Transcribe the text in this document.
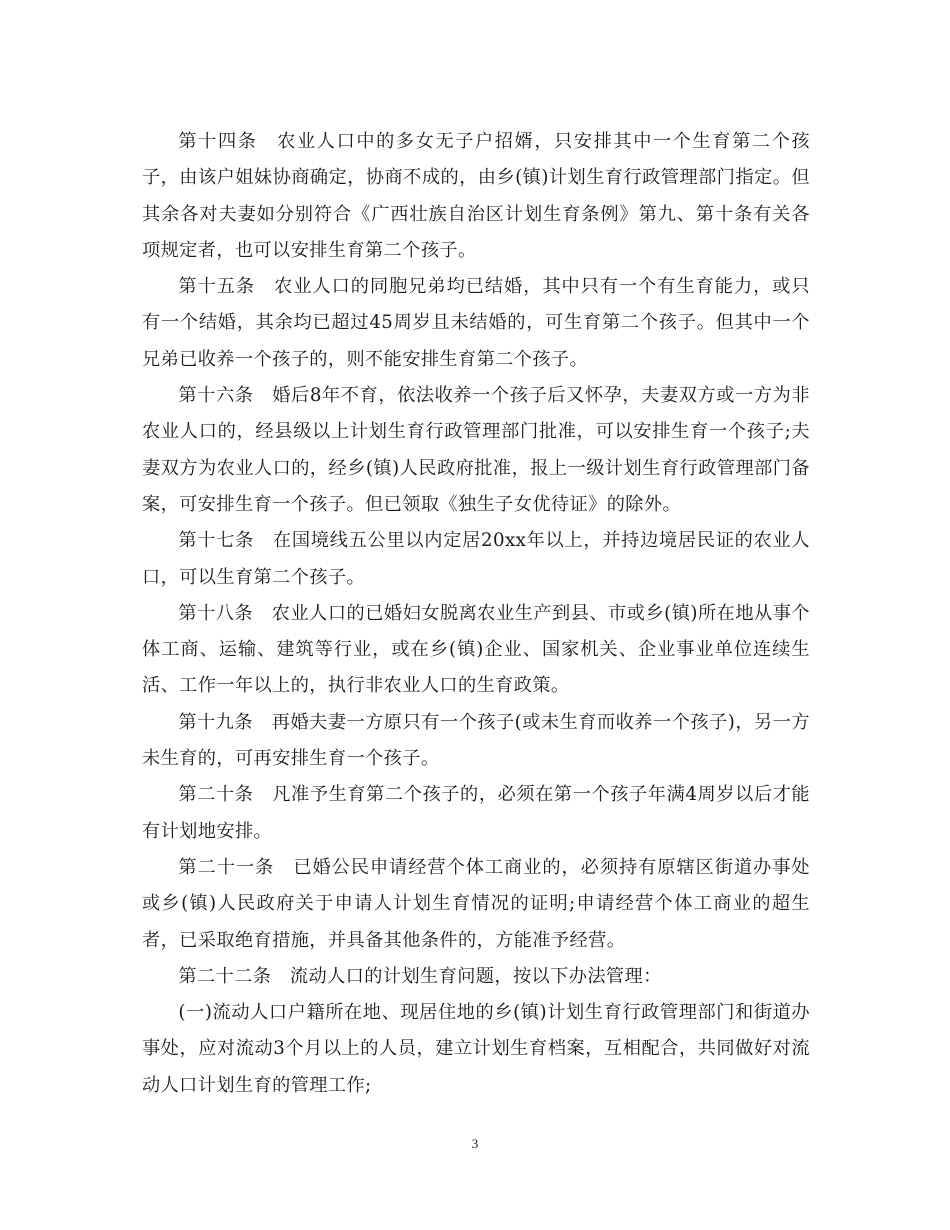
第十四条　农业人口中的多女无子户招婿，只安排其中一个生育第二个孩子，由该户姐妹协商确定，协商不成的，由乡(镇)计划生育行政管理部门指定。但其余各对夫妻如分别符合《广西壮族自治区计划生育条例》第九、第十条有关各项规定者，也可以安排生育第二个孩子。

第十五条　农业人口的同胞兄弟均已结婚，其中只有一个有生育能力，或只有一个结婚，其余均已超过45周岁且未结婚的，可生育第二个孩子。但其中一个兄弟已收养一个孩子的，则不能安排生育第二个孩子。

第十六条　婚后8年不育，依法收养一个孩子后又怀孕，夫妻双方或一方为非农业人口的，经县级以上计划生育行政管理部门批准，可以安排生育一个孩子;夫妻双方为农业人口的，经乡(镇)人民政府批准，报上一级计划生育行政管理部门备案，可安排生育一个孩子。但已领取《独生子女优待证》的除外。

第十七条　在国境线五公里以内定居20xx年以上，并持边境居民证的农业人口，可以生育第二个孩子。

第十八条　农业人口的已婚妇女脱离农业生产到县、市或乡(镇)所在地从事个体工商、运输、建筑等行业，或在乡(镇)企业、国家机关、企业事业单位连续生活、工作一年以上的，执行非农业人口的生育政策。

第十九条　再婚夫妻一方原只有一个孩子(或未生育而收养一个孩子)，另一方未生育的，可再安排生育一个孩子。

第二十条　凡准予生育第二个孩子的，必须在第一个孩子年满4周岁以后才能有计划地安排。

第二十一条　已婚公民申请经营个体工商业的，必须持有原辖区街道办事处或乡(镇)人民政府关于申请人计划生育情况的证明;申请经营个体工商业的超生者，已采取绝育措施，并具备其他条件的，方能准予经营。

第二十二条　流动人口的计划生育问题，按以下办法管理：

(一)流动人口户籍所在地、现居住地的乡(镇)计划生育行政管理部门和街道办事处，应对流动3个月以上的人员，建立计划生育档案，互相配合，共同做好对流动人口计划生育的管理工作;

3
